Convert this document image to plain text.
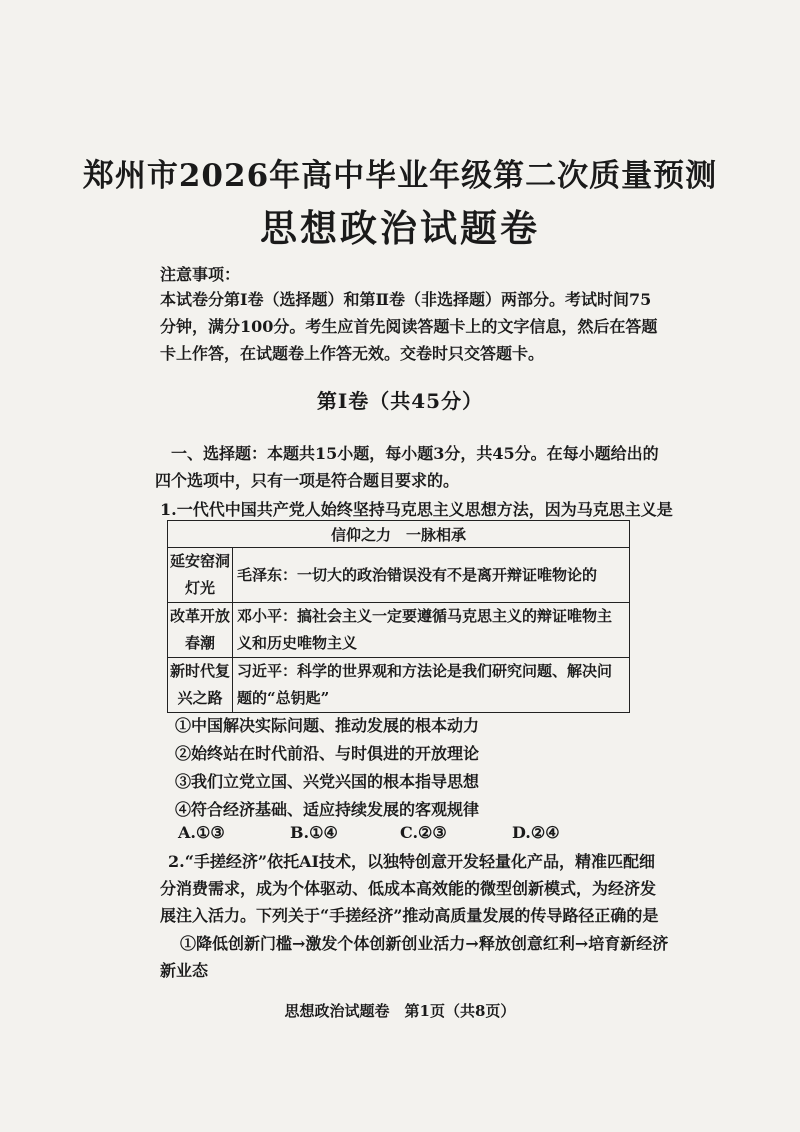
郑州市2026年高中毕业年级第二次质量预测
思想政治试题卷
注意事项：
本试卷分第Ⅰ卷（选择题）和第Ⅱ卷（非选择题）两部分。考试时间75分钟，满分100分。考生应首先阅读答题卡上的文字信息，然后在答题卡上作答，在试题卷上作答无效。交卷时只交答题卡。
第Ⅰ卷（共45分）
一、选择题：本题共15小题，每小题3分，共45分。在每小题给出的四个选项中，只有一项是符合题目要求的。
1.一代代中国共产党人始终坚持马克思主义思想方法，因为马克思主义是
信仰之力　一脉相承	
延安窑洞灯光	毛泽东：一切大的政治错误没有不是离开辩证唯物论的
改革开放春潮	邓小平：搞社会主义一定要遵循马克思主义的辩证唯物主义和历史唯物主义
新时代复兴之路	习近平：科学的世界观和方法论是我们研究问题、解决问题的“总钥匙”
①中国解决实际问题、推动发展的根本动力
②始终站在时代前沿、与时俱进的开放理论
③我们立党立国、兴党兴国的根本指导思想
④符合经济基础、适应持续发展的客观规律
A.①③	B.①④	C.②③	D.②④
2.“手搓经济”依托AI技术，以独特创意开发轻量化产品，精准匹配细分消费需求，成为个体驱动、低成本高效能的微型创新模式，为经济发展注入活力。下列关于“手搓经济”推动高质量发展的传导路径正确的是
①降低创新门槛→激发个体创新创业活力→释放创意红利→培育新经济新业态
思想政治试题卷　第1页（共8页）
